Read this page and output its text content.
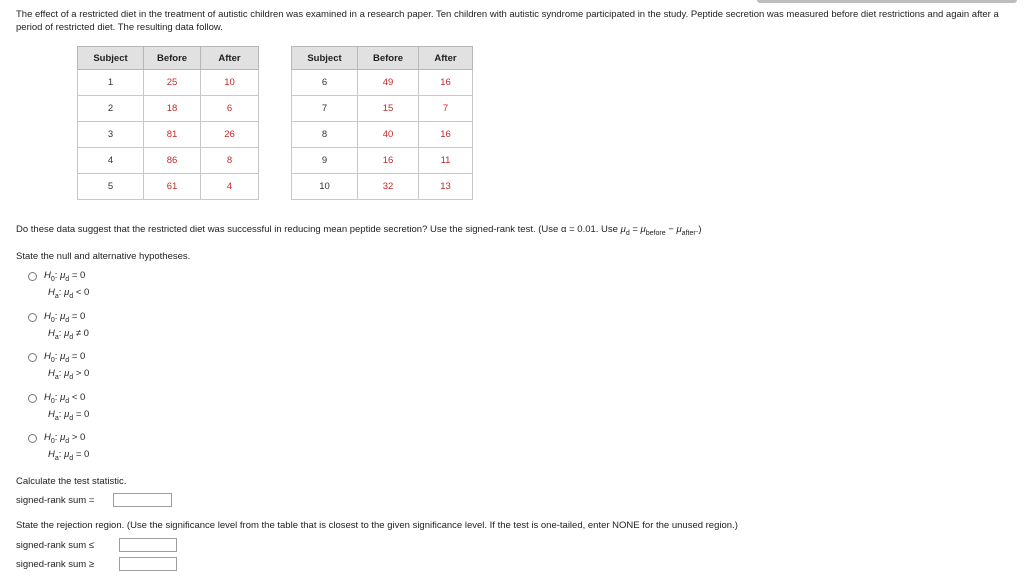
The effect of a restricted diet in the treatment of autistic children was examined in a research paper. Ten children with autistic syndrome participated in the study. Peptide secretion was measured before diet restrictions and again after a period of restricted diet. The resulting data follow.
Subject	Before	After
1	25	10
2	18	6
3	81	26
4	86	8
5	61	4
Subject	Before	After
6	49	16
7	15	7
8	40	16
9	16	11
10	32	13
Do these data suggest that the restricted diet was successful in reducing mean peptide secretion? Use the signed-rank test. (Use α = 0.01. Use $\mu_d = \mu_{before} - \mu_{after}$.)
State the null and alternative hypotheses.
$H_0$: $\mu_d = 0$
$H_a$: $\mu_d < 0$
$H_0$: $\mu_d = 0$
$H_a$: $\mu_d \ne 0$
$H_0$: $\mu_d = 0$
$H_a$: $\mu_d > 0$
$H_0$: $\mu_d < 0$
$H_a$: $\mu_d = 0$
$H_0$: $\mu_d > 0$
$H_a$: $\mu_d = 0$
Calculate the test statistic.
signed-rank sum =
State the rejection region. (Use the significance level from the table that is closest to the given significance level. If the test is one-tailed, enter NONE for the unused region.)
signed-rank sum ≤
signed-rank sum ≥
